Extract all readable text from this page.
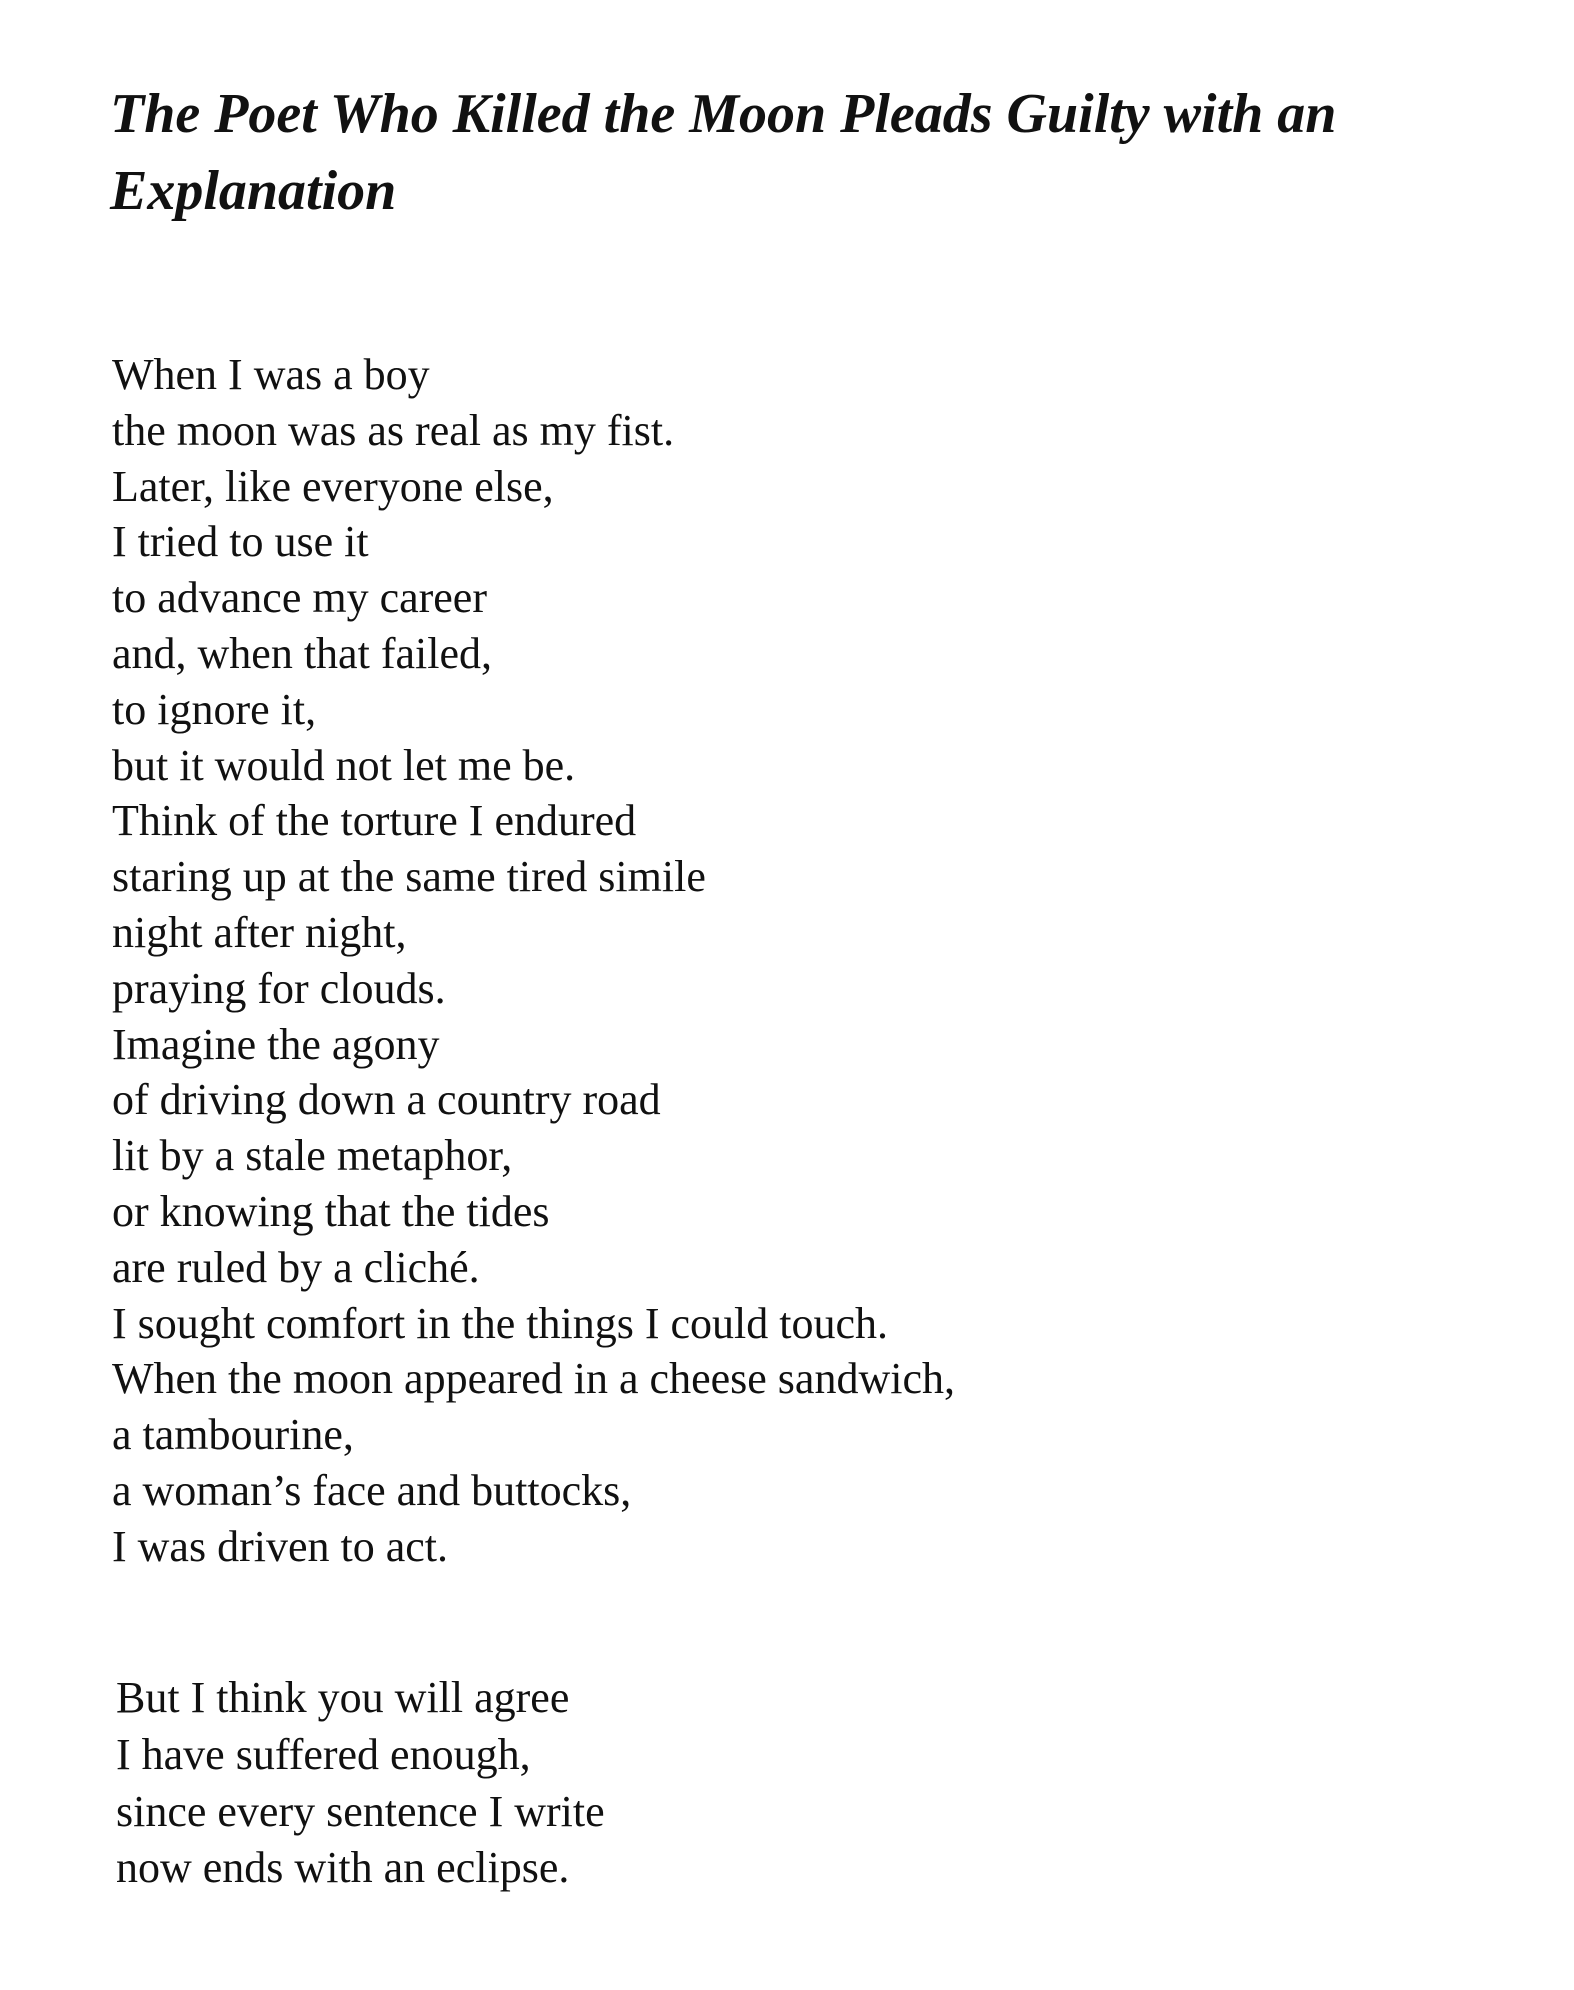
The Poet Who Killed the Moon Pleads Guilty with an Explanation
When I was a boy
the moon was as real as my fist.
Later, like everyone else,
I tried to use it
to advance my career
and, when that failed,
to ignore it,
but it would not let me be.
Think of the torture I endured
staring up at the same tired simile
night after night,
praying for clouds.
Imagine the agony
of driving down a country road
lit by a stale metaphor,
or knowing that the tides
are ruled by a cliché.
I sought comfort in the things I could touch.
When the moon appeared in a cheese sandwich,
a tambourine,
a woman’s face and buttocks,
I was driven to act.
But I think you will agree
I have suffered enough,
since every sentence I write
now ends with an eclipse.
